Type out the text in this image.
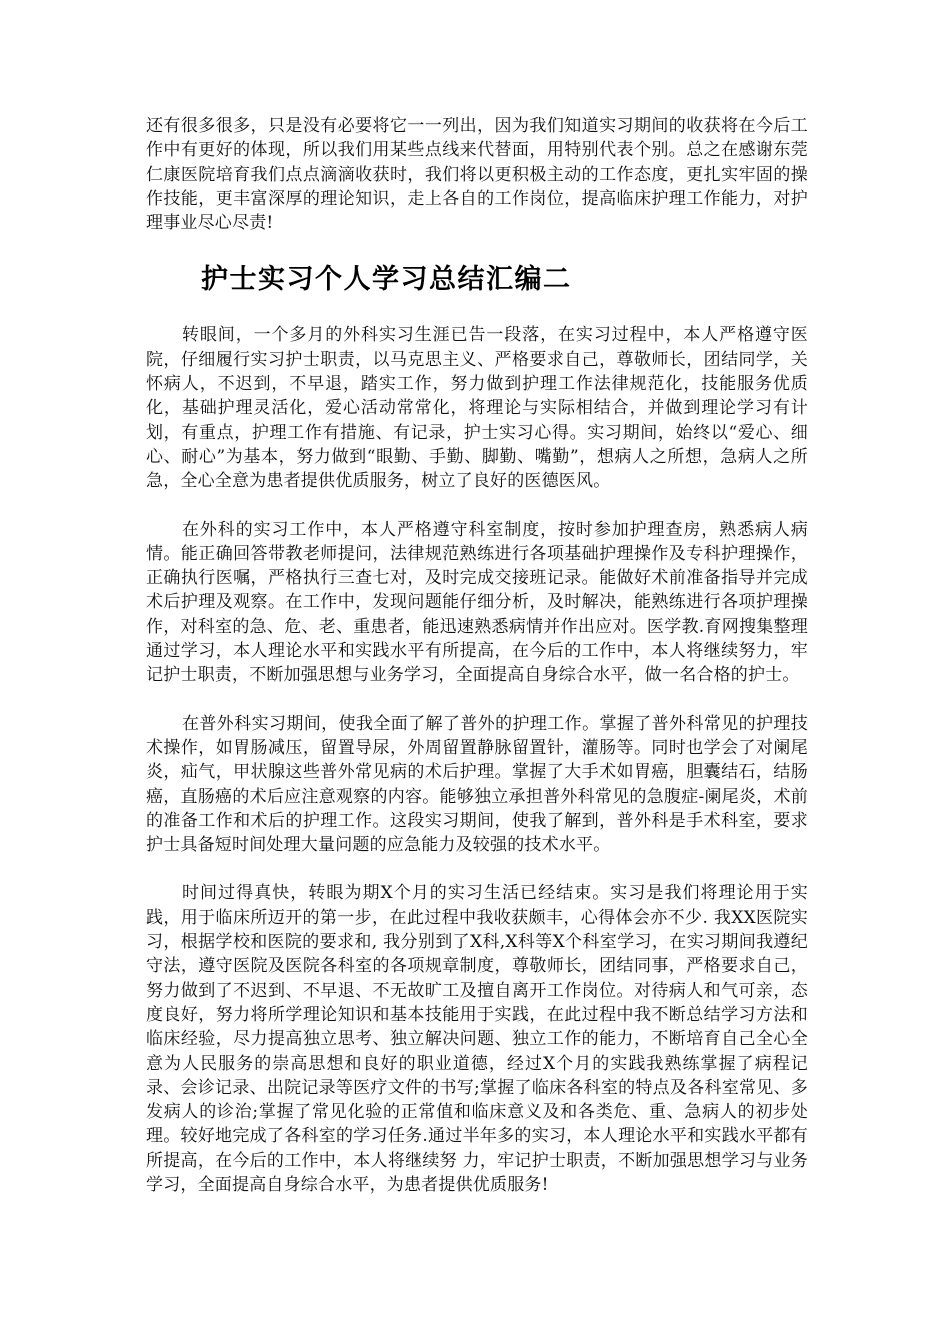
还有很多很多，只是没有必要将它一一列出，因为我们知道实习期间的收获将在今后工作中有更好的体现，所以我们用某些点线来代替面，用特别代表个别。总之在感谢东莞仁康医院培育我们点点滴滴收获时，我们将以更积极主动的工作态度，更扎实牢固的操作技能，更丰富深厚的理论知识，走上各自的工作岗位，提高临床护理工作能力，对护理事业尽心尽责!

护士实习个人学习总结汇编二

转眼间，一个多月的外科实习生涯已告一段落，在实习过程中，本人严格遵守医院，仔细履行实习护士职责，以马克思主义、严格要求自己，尊敬师长，团结同学，关怀病人，不迟到，不早退，踏实工作，努力做到护理工作法律规范化，技能服务优质化，基础护理灵活化，爱心活动常常化，将理论与实际相结合，并做到理论学习有计划，有重点，护理工作有措施、有记录，护士实习心得。实习期间，始终以“爱心、细心、耐心”为基本，努力做到“眼勤、手勤、脚勤、嘴勤”，想病人之所想，急病人之所急，全心全意为患者提供优质服务，树立了良好的医德医风。

在外科的实习工作中，本人严格遵守科室制度，按时参加护理查房，熟悉病人病情。能正确回答带教老师提问，法律规范熟练进行各项基础护理操作及专科护理操作，正确执行医嘱，严格执行三查七对，及时完成交接班记录。能做好术前准备指导并完成术后护理及观察。在工作中，发现问题能仔细分析，及时解决，能熟练进行各项护理操作，对科室的急、危、老、重患者，能迅速熟悉病情并作出应对。医学教.育网搜集整理通过学习，本人理论水平和实践水平有所提高，在今后的工作中，本人将继续努力，牢记护士职责，不断加强思想与业务学习，全面提高自身综合水平，做一名合格的护士。

在普外科实习期间，使我全面了解了普外的护理工作。掌握了普外科常见的护理技术操作，如胃肠减压，留置导尿，外周留置静脉留置针，灌肠等。同时也学会了对阑尾炎，疝气，甲状腺这些普外常见病的术后护理。掌握了大手术如胃癌，胆囊结石，结肠癌，直肠癌的术后应注意观察的内容。能够独立承担普外科常见的急腹症-阑尾炎，术前的准备工作和术后的护理工作。这段实习期间，使我了解到，普外科是手术科室，要求护士具备短时间处理大量问题的应急能力及较强的技术水平。

时间过得真快，转眼为期X个月的实习生活已经结束。实习是我们将理论用于实践，用于临床所迈开的第一步，在此过程中我收获颇丰，心得体会亦不少. 我XX医院实习，根据学校和医院的要求和, 我分别到了X科,X科等X个科室学习，在实习期间我遵纪守法，遵守医院及医院各科室的各项规章制度，尊敬师长，团结同事，严格要求自己，努力做到了不迟到、不早退、不无故旷工及擅自离开工作岗位。对待病人和气可亲，态度良好，努力将所学理论知识和基本技能用于实践，在此过程中我不断总结学习方法和临床经验，尽力提高独立思考、独立解决问题、独立工作的能力，不断培育自己全心全意为人民服务的崇高思想和良好的职业道德，经过X个月的实践我熟练掌握了病程记录、会诊记录、出院记录等医疗文件的书写;掌握了临床各科室的特点及各科室常见、多发病人的诊治;掌握了常见化验的正常值和临床意义及和各类危、重、急病人的初步处理。较好地完成了各科室的学习任务.通过半年多的实习，本人理论水平和实践水平都有所提高，在今后的工作中，本人将继续努 力，牢记护士职责，不断加强思想学习与业务学习，全面提高自身综合水平，为患者提供优质服务!
